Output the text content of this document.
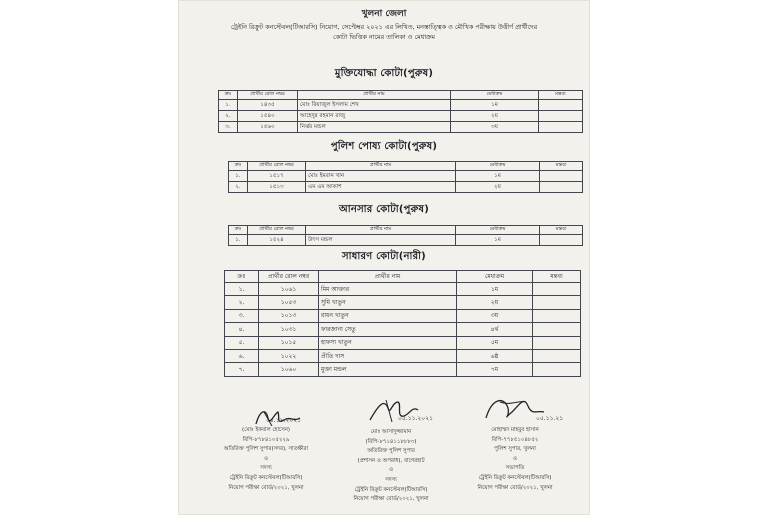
খুলনা জেলা
ট্রেইনি রিক্রুট কনস্টেবল(টিআরসি) নিয়োগ, সেপ্টেম্বর ২০২১ এর লিখিত, মনস্তাত্ত্বিক ও মৌখিক পরীক্ষায় উত্তীর্ণ প্রার্থীদের
কোটা ভিত্তিক নামের তালিকা ও মেধাক্রম
মুক্তিযোদ্ধা কোটা(পুরুষ)
ক্রঃ	প্রার্থীর রোল নম্বর	প্রার্থীর নাম	মেধাক্রম	মন্তব্য
১.	১৪৩৫	মোঃ রিয়াজুল ইসলাম শেখ	১ম	
২.	১৫৪০	আহেদুর রহমান রাজু	২য়	
৩.	১৫৬০	নির্ঝর মন্ডল	৩য়	
পুলিশ পোষ্য কোটা(পুরুষ)
ক্রঃ	প্রার্থীর রোল নম্বর	প্রার্থীর নাম	মেধাক্রম	মন্তব্য
১.	১৫১৭	মোঃ ইমরান খান	১ম	
২.	১৫১৩	এম এম আকাশ	২য়	
আনসার কোটা(পুরুষ)
ক্রঃ	প্রার্থীর রোল নম্বর	প্রার্থীর নাম	মেধাক্রম	মন্তব্য
১.	১৫২৪	উৎস মন্ডল	১ম	
সাধারণ কোটা(নারী)
ক্রঃ	প্রার্থীর রোল নম্বর	প্রার্থীর নাম	মেধাক্রম	মন্তব্য
১.	১০৬১	মিম আক্তার	১ম	
২.	১০৫৩	সুমি খাতুন	২য়	
৩.	১০১৩	রাধন খাতুন	৩য়	
৪.	১০৩১	ফারজানা সেতু	৪র্থ	
৫.	১০১৫	হাফসা খাতুন	৫ম	
৬.	১০২২	প্রীতি দাস	৬ষ্ঠ	
৭.	১০৬০	মুক্তা মন্ডল	৭ম	
০৫.১১.২০২১
(মোঃ ইকবাল হোসেন)
বিপি-৮৭৮৪১০৫২২৯
অতিরিক্ত পুলিশ সুপার(সদর), সাতক্ষীরা
ও
সদস্য
ট্রেইনি রিক্রুট কনস্টেবল(টিআরসি)
নিয়োগ পরীক্ষা বোর্ড/২০২১, খুলনা
০৫.১১.২০২১
মোঃ আসাদুজ্জামান
(বিপি-৮৭১৪১১৮৮৮৩)
অতিরিক্ত পুলিশ সুপার
(প্রশাসন ও অপরাধ), বাগেরহাট
ও
সদস্য
ট্রেইনি রিক্রুট কনস্টেবল(টিআরসি)
নিয়োগ পরীক্ষা বোর্ড/২০২১, খুলনা
০৫.১১.২১
মোহাম্মদ মাহবুব হাসান
বিপি-৭৭৮৫১০৪৮৫২
পুলিশ সুপার, খুলনা
ও
সভাপতি
ট্রেইনি রিক্রুট কনস্টেবল(টিআরসি)
নিয়োগ পরীক্ষা বোর্ড/২০২১, খুলনা
